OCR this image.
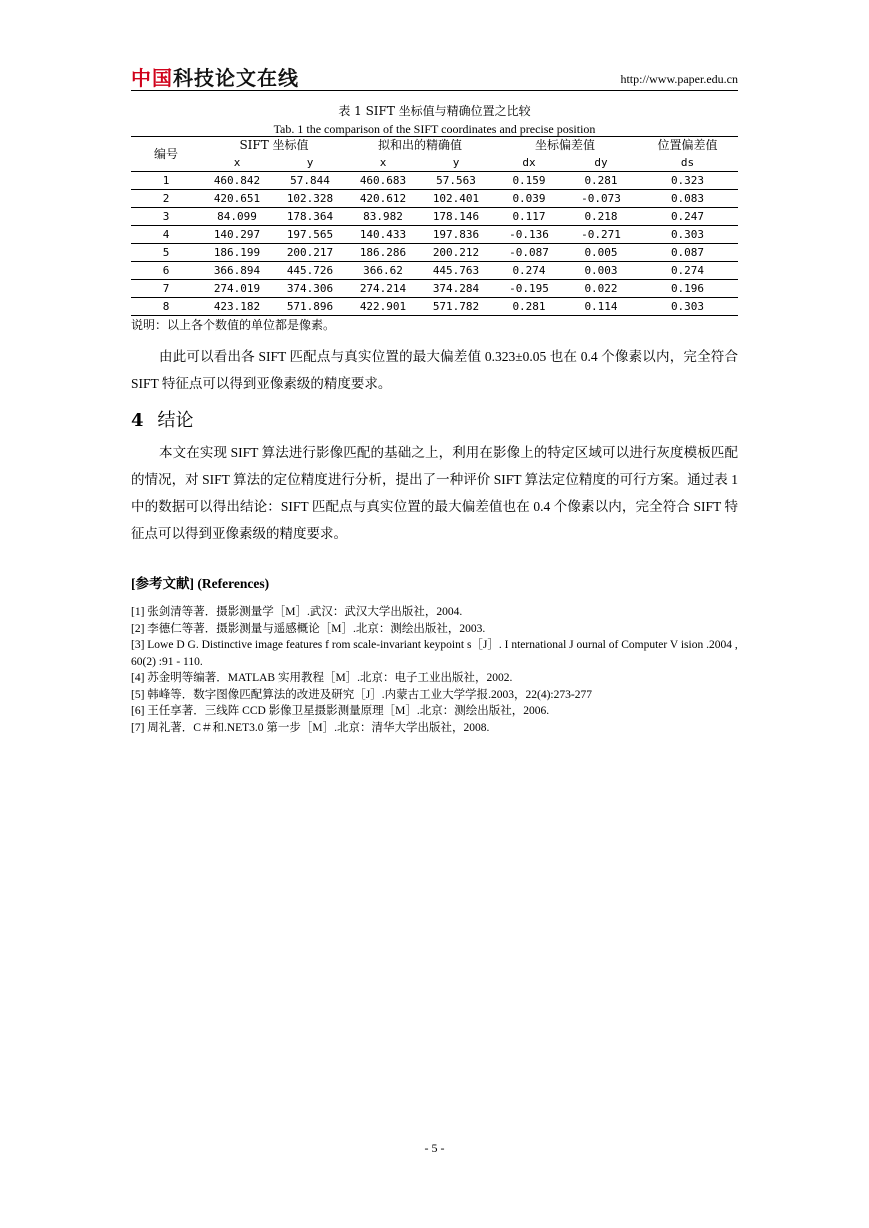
中国科技论文在线	http://www.paper.edu.cn
表 1 SIFT 坐标值与精确位置之比较
Tab. 1 the comparison of the SIFT coordinates and precise position
编号	SIFT 坐标值		拟和出的精确值		坐标偏差值		位置偏差值
	x	y	x	y	dx	dy	ds
1	460.842	57.844	460.683	57.563	0.159	0.281	0.323
2	420.651	102.328	420.612	102.401	0.039	-0.073	0.083
3	84.099	178.364	83.982	178.146	0.117	0.218	0.247
4	140.297	197.565	140.433	197.836	-0.136	-0.271	0.303
5	186.199	200.217	186.286	200.212	-0.087	0.005	0.087
6	366.894	445.726	366.62	445.763	0.274	0.003	0.274
7	274.019	374.306	274.214	374.284	-0.195	0.022	0.196
8	423.182	571.896	422.901	571.782	0.281	0.114	0.303
说明：以上各个数值的单位都是像素。
由此可以看出各 SIFT 匹配点与真实位置的最大偏差值 0.323±0.05 也在 0.4 个像素以内，完全符合 SIFT 特征点可以得到亚像素级的精度要求。
4 结论
本文在实现 SIFT 算法进行影像匹配的基础之上，利用在影像上的特定区域可以进行灰度模板匹配的情况，对 SIFT 算法的定位精度进行分析，提出了一种评价 SIFT 算法定位精度的可行方案。通过表 1 中的数据可以得出结论：SIFT 匹配点与真实位置的最大偏差值也在 0.4 个像素以内，完全符合 SIFT 特征点可以得到亚像素级的精度要求。
[参考文献] (References)
[1] 张剑清等著．摄影测量学［M］.武汉：武汉大学出版社，2004.
[2] 李德仁等著．摄影测量与遥感概论［M］.北京：测绘出版社，2003.
[3] Lowe D G. Distinctive image features f rom scale-invariant keypoint s［J］. I nternational J ournal of Computer V ision .2004 , 60(2) :91 - 110.
[4] 苏金明等编著．MATLAB 实用教程［M］.北京：电子工业出版社，2002.
[5] 韩峰等．数字图像匹配算法的改进及研究［J］.内蒙古工业大学学报.2003，22(4):273-277
[6] 王任享著．三线阵 CCD 影像卫星摄影测量原理［M］.北京：测绘出版社，2006.
[7] 周礼著．C＃和.NET3.0 第一步［M］.北京：清华大学出版社，2008.
- 5 -
